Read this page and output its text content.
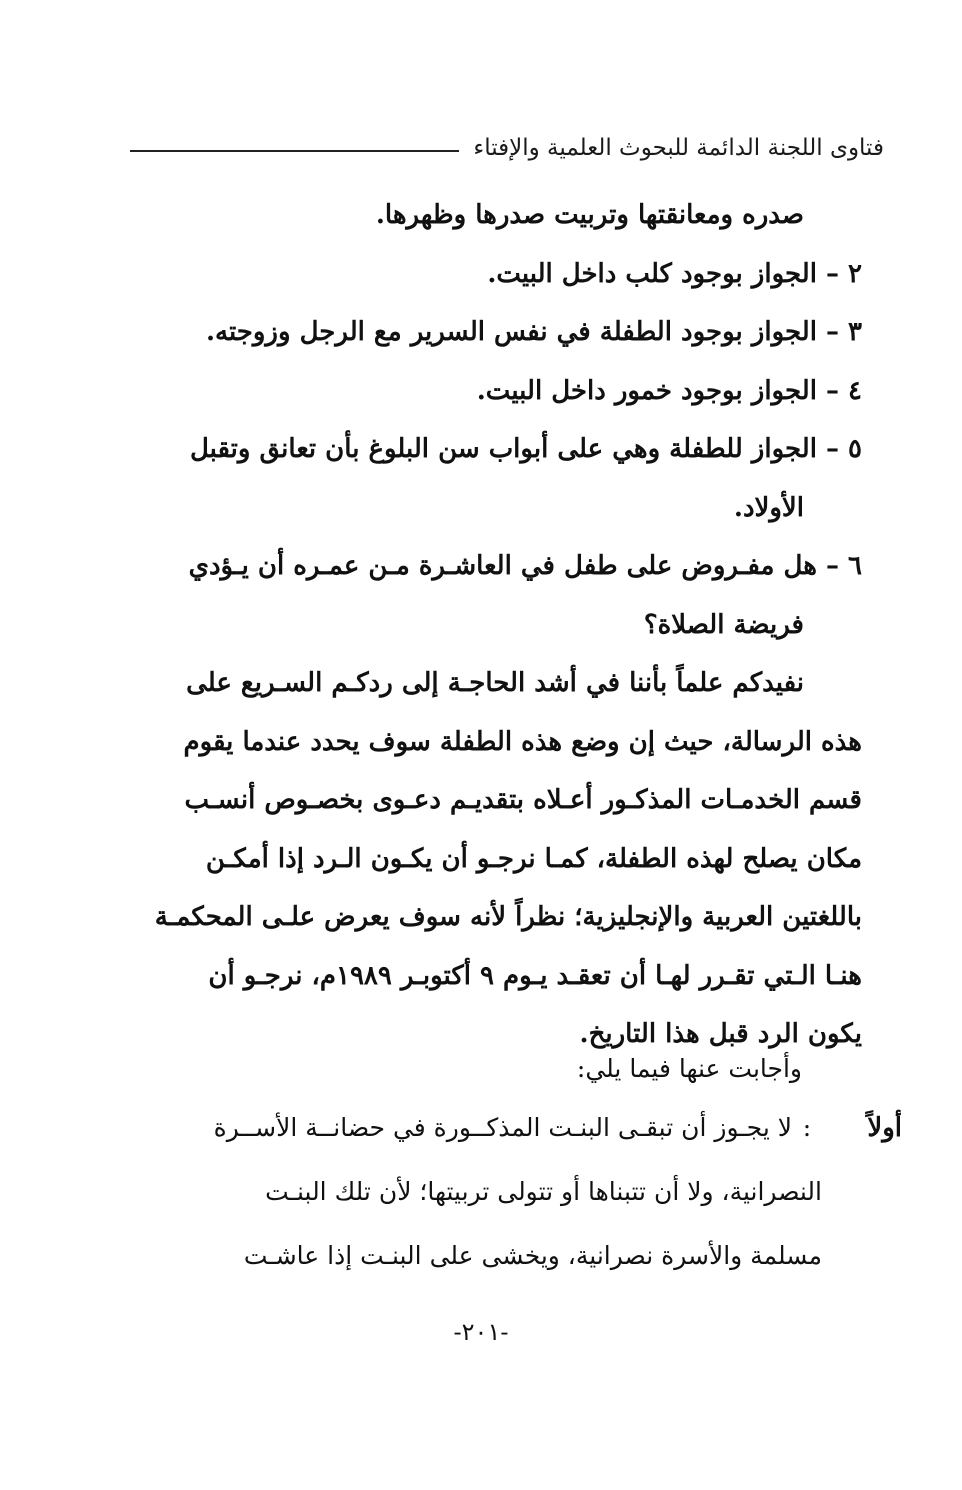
فتاوى اللجنة الدائمة للبحوث العلمية والإفتاء
صدره ومعانقتها وتربيت صدرها وظهرها.
٢ – الجواز بوجود كلب داخل البيت.
٣ – الجواز بوجود الطفلة في نفس السرير مع الرجل وزوجته.
٤ – الجواز بوجود خمور داخل البيت.
٥ – الجواز للطفلة وهي على أبواب سن البلوغ بأن تعانق وتقبل
الأولاد.
٦ – هل مفـروض على طفل في العاشـرة مـن عمـره أن يـؤدي
فريضة الصلاة؟
نفيدكم علماً بأننا في أشد الحاجـة إلى ردكـم السـريع على
هذه الرسالة، حيث إن وضع هذه الطفلة سوف يحدد عندما يقوم
قسم الخدمـات المذكـور أعـلاه بتقديـم دعـوى بخصـوص أنسـب
مكان يصلح لهذه الطفلة، كمـا نرجـو أن يكـون الـرد إذا أمكـن
باللغتين العربية والإنجليزية؛ نظراً لأنه سوف يعرض علـى المحكمـة
هنـا الـتي تقـرر لهـا أن تعقـد يـوم ٩ أكتوبـر ١٩٨٩م، نرجـو أن
يكون الرد قبل هذا التاريخ.
وأجابت عنها فيما يلي:
أولاً
:
لا يجـوز أن تبقـى البنـت المذكــورة في حضانــة الأســرة
النصرانية، ولا أن تتبناها أو تتولى تربيتها؛ لأن تلك البنـت
مسلمة والأسرة نصرانية، ويخشى على البنـت إذا عاشـت
-٢٠١-
